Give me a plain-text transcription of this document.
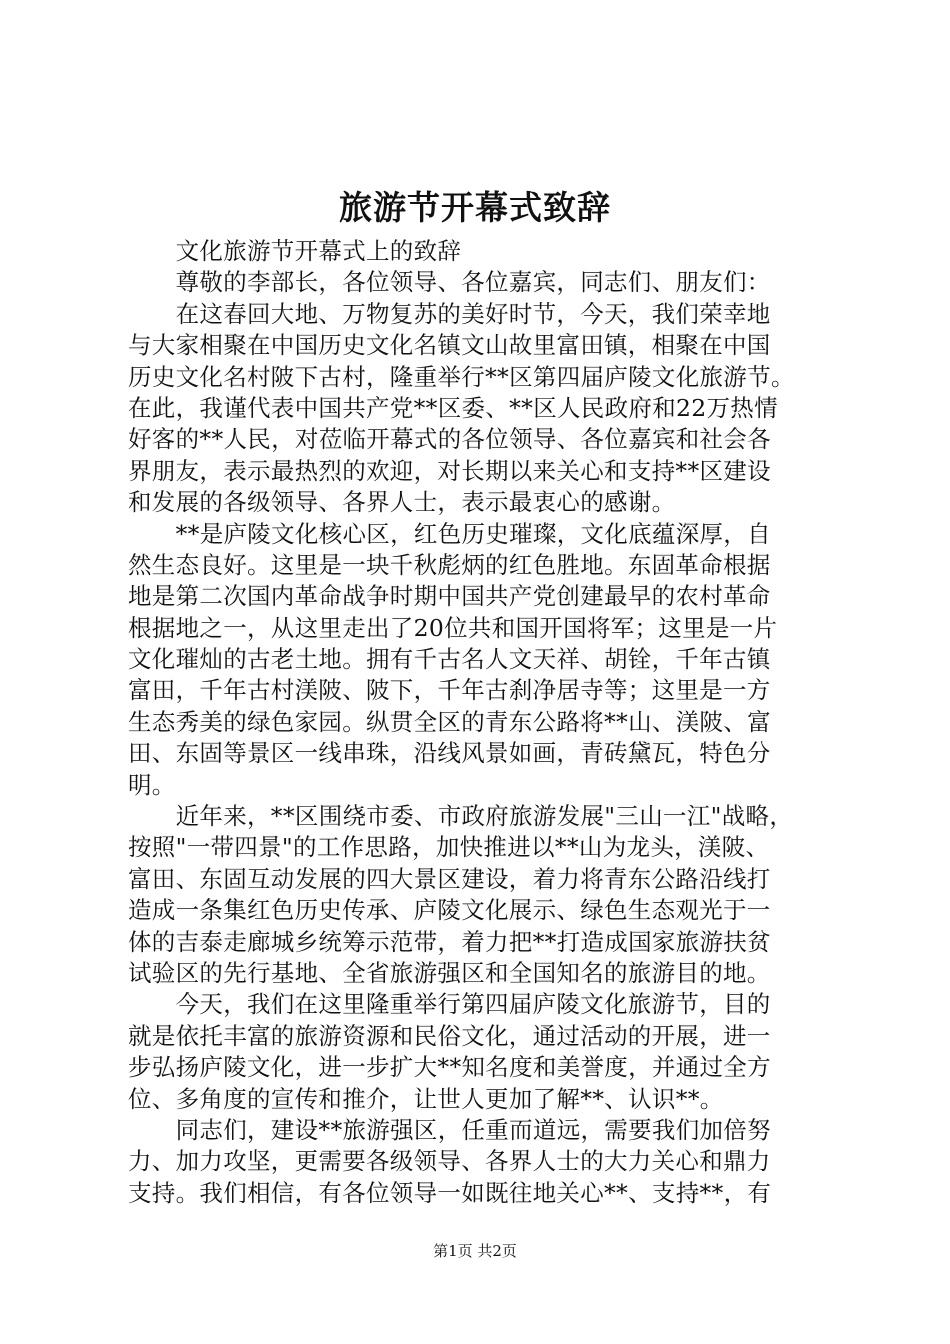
旅游节开幕式致辞
　　文化旅游节开幕式上的致辞
　　尊敬的李部长，各位领导、各位嘉宾，同志们、朋友们：
　　在这春回大地、万物复苏的美好时节，今天，我们荣幸地
与大家相聚在中国历史文化名镇文山故里富田镇，相聚在中国
历史文化名村陂下古村，隆重举行**区第四届庐陵文化旅游节。
在此，我谨代表中国共产党**区委、**区人民政府和22万热情
好客的**人民，对莅临开幕式的各位领导、各位嘉宾和社会各
界朋友，表示最热烈的欢迎，对长期以来关心和支持**区建设
和发展的各级领导、各界人士，表示最衷心的感谢。
　　**是庐陵文化核心区，红色历史璀璨，文化底蕴深厚，自
然生态良好。这里是一块千秋彪炳的红色胜地。东固革命根据
地是第二次国内革命战争时期中国共产党创建最早的农村革命
根据地之一，从这里走出了20位共和国开国将军；这里是一片
文化璀灿的古老土地。拥有千古名人文天祥、胡铨，千年古镇
富田，千年古村渼陂、陂下，千年古刹净居寺等；这里是一方
生态秀美的绿色家园。纵贯全区的青东公路将**山、渼陂、富
田、东固等景区一线串珠，沿线风景如画，青砖黛瓦，特色分
明。
　　近年来，**区围绕市委、市政府旅游发展"三山一江"战略，
按照"一带四景"的工作思路，加快推进以**山为龙头，渼陂、
富田、东固互动发展的四大景区建设，着力将青东公路沿线打
造成一条集红色历史传承、庐陵文化展示、绿色生态观光于一
体的吉泰走廊城乡统筹示范带，着力把**打造成国家旅游扶贫
试验区的先行基地、全省旅游强区和全国知名的旅游目的地。
　　今天，我们在这里隆重举行第四届庐陵文化旅游节，目的
就是依托丰富的旅游资源和民俗文化，通过活动的开展，进一
步弘扬庐陵文化，进一步扩大**知名度和美誉度，并通过全方
位、多角度的宣传和推介，让世人更加了解**、认识**。
　　同志们，建设**旅游强区，任重而道远，需要我们加倍努
力、加力攻坚，更需要各级领导、各界人士的大力关心和鼎力
支持。我们相信，有各位领导一如既往地关心**、支持**，有
第1页 共2页
